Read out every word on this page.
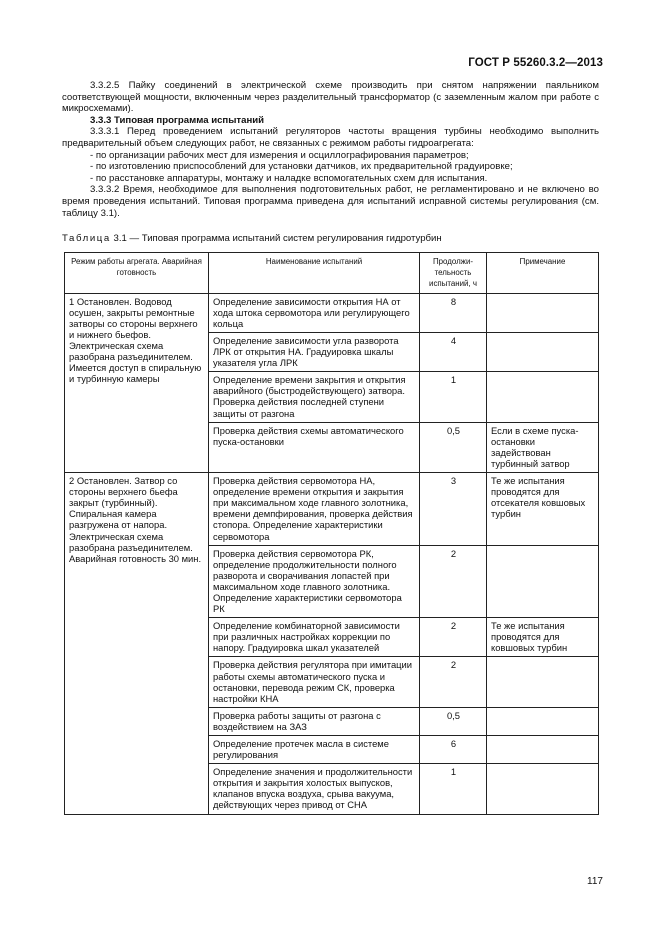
ГОСТ Р 55260.3.2—2013

3.3.2.5 Пайку соединений в электрической схеме производить при снятом напряжении паяльником соответствующей мощности, включенным через разделительный трансформатор (с заземленным жалом при работе с микросхемами).

3.3.3 Типовая программа испытаний

3.3.3.1 Перед проведением испытаний регуляторов частоты вращения турбины необходимо выполнить предварительный объем следующих работ, не связанных с режимом работы гидроагрегата:

- по организации рабочих мест для измерения и осциллографирования параметров;

- по изготовлению приспособлений для установки датчиков, их предварительной градуировке;

- по расстановке аппаратуры, монтажу и наладке вспомогательных схем для испытания.

3.3.3.2 Время, необходимое для выполнения подготовительных работ, не регламентировано и не включено во время проведения испытаний. Типовая программа приведена для испытаний исправной системы регулирования (см. таблицу 3.1).

Таблица 3.1 — Типовая программа испытаний систем регулирования гидротурбин
Режим работы агрегата. Аварийная готовность	Наименование испытаний	Продолжи-тельность испытаний, ч	Примечание
1 Остановлен. Водовод осушен, закрыты ремонтные затворы со стороны верхнего и нижнего бьефов. Электрическая схема разобрана разъединителем. Имеется доступ в спиральную и турбинную камеры	Определение зависимости открытия НА от хода штока сервомотора или регулирующего кольца	8	
	Определение зависимости угла разворота ЛРК от открытия НА. Градуировка шкалы указателя угла ЛРК	4	
	Определение времени закрытия и открытия аварийного (быстродействующего) затвора. Проверка действия последней ступени защиты от разгона	1	
	Проверка действия схемы автоматического пуска-остановки	0,5	Если в схеме пуска-остановки задействован турбинный затвор
2 Остановлен. Затвор со стороны верхнего бьефа закрыт (турбинный). Спиральная камера разгружена от напора. Электрическая схема разобрана разъединителем. Аварийная готовность 30 мин.	Проверка действия сервомотора НА, определение времени открытия и закрытия при максимальном ходе главного золотника, времени демпфирования, проверка действия стопора. Определение характеристики сервомотора	3	Те же испытания проводятся для отсекателя ковшовых турбин
	Проверка действия сервомотора РК, определение продолжительности полного разворота и сворачивания лопастей при максимальном ходе главного золотника. Определение характеристики сервомотора РК	2	
	Определение комбинаторной зависимости при различных настройках коррекции по напору. Градуировка шкал указателей	2	Те же испытания проводятся для ковшовых турбин
	Проверка действия регулятора при имитации работы схемы автоматического пуска и остановки, перевода режим СК, проверка настройки КНА	2	
	Проверка работы защиты от разгона с воздействием на ЗАЗ	0,5	
	Определение протечек масла в системе регулирования	6	
	Определение значения и продолжительности открытия и закрытия холостых выпусков, клапанов впуска воздуха, срыва вакуума, действующих через привод от СНА	1	
117
